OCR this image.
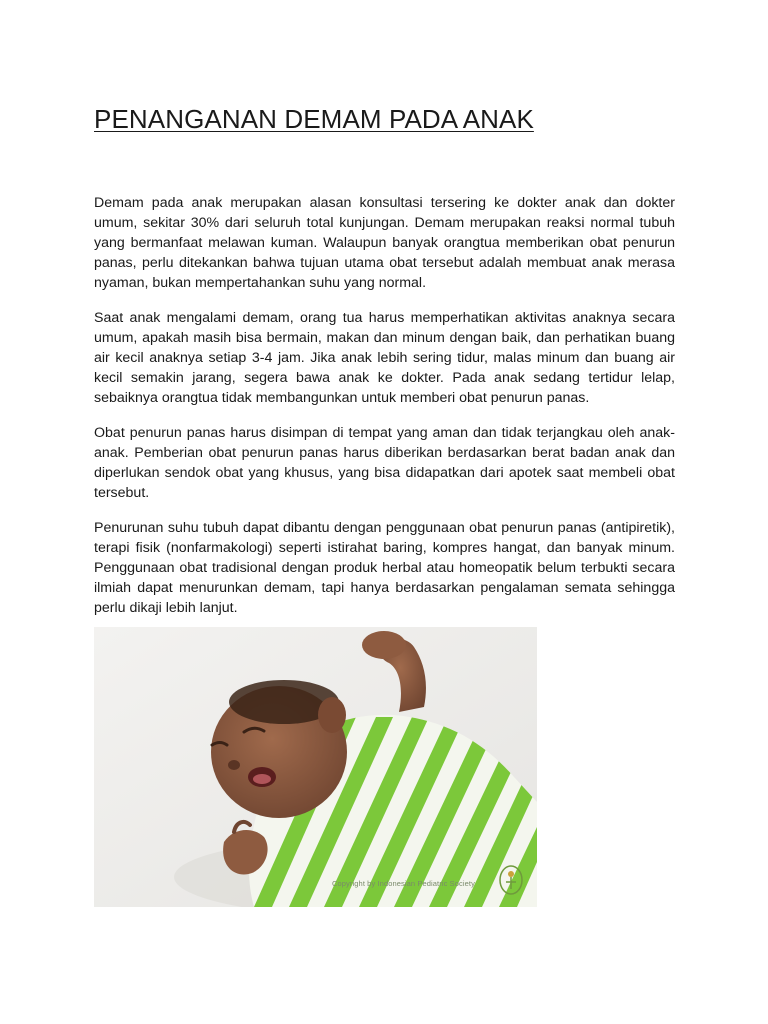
PENANGANAN DEMAM PADA ANAK

Demam pada anak merupakan alasan konsultasi tersering ke dokter anak dan dokter umum, sekitar 30% dari seluruh total kunjungan. Demam merupakan reaksi normal tubuh yang bermanfaat melawan kuman. Walaupun banyak orangtua memberikan obat penurun panas, perlu ditekankan bahwa tujuan utama obat tersebut adalah membuat anak merasa nyaman, bukan mempertahankan suhu yang normal.

Saat anak mengalami demam, orang tua harus memperhatikan aktivitas anaknya secara umum, apakah masih bisa bermain, makan dan minum dengan baik, dan perhatikan buang air kecil anaknya setiap 3-4 jam. Jika anak lebih sering tidur, malas minum dan buang air kecil semakin jarang, segera bawa anak ke dokter. Pada anak sedang tertidur lelap, sebaiknya orangtua tidak membangunkan untuk memberi obat penurun panas.

Obat penurun panas harus disimpan di tempat yang aman dan tidak terjangkau oleh anak-anak. Pemberian obat penurun panas harus diberikan berdasarkan berat badan anak dan diperlukan sendok obat yang khusus, yang bisa didapatkan dari apotek saat membeli obat tersebut.

Penurunan suhu tubuh dapat dibantu dengan penggunaan obat penurun panas (antipiretik), terapi fisik (nonfarmakologi) seperti istirahat baring, kompres hangat, dan banyak minum. Penggunaan obat tradisional dengan produk herbal atau homeopatik belum terbukti secara ilmiah dapat menurunkan demam, tapi hanya berdasarkan pengalaman semata sehingga perlu dikaji lebih lanjut.

Copyright by Indonesian Pediatric Society
